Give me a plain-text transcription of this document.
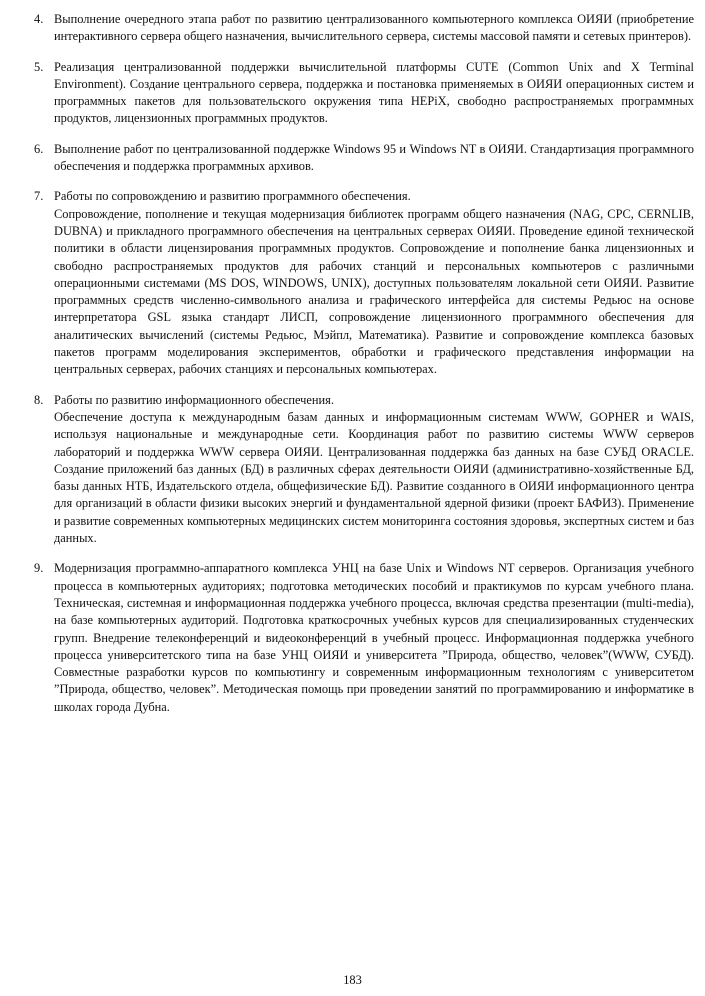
4. Выполнение очередного этапа работ по развитию централизованного компьютерного комплекса ОИЯИ (приобретение интерактивного сервера общего назначения, вычислительного сервера, системы массовой памяти и сетевых принтеров).
5. Реализация централизованной поддержки вычислительной платформы CUTE (Common Unix and X Terminal Environment). Создание центрального сервера, поддержка и постановка применяемых в ОИЯИ операционных систем и программных пакетов для пользовательского окружения типа HEPiX, свободно распространяемых программных продуктов, лицензионных программных продуктов.
6. Выполнение работ по централизованной поддержке Windows 95 и Windows NT в ОИЯИ. Стандартизация программного обеспечения и поддержка программных архивов.
7. Работы по сопровождению и развитию программного обеспечения.
Сопровождение, пополнение и текущая модернизация библиотек программ общего назначения (NAG, CPC, CERNLIB, DUBNA) и прикладного программного обеспечения на центральных серверах ОИЯИ. Проведение единой технической политики в области лицензирования программных продуктов. Сопровождение и пополнение банка лицензионных и свободно распространяемых продуктов для рабочих станций и персональных компьютеров с различными операционными системами (MS DOS, WINDOWS, UNIX), доступных пользователям локальной сети ОИЯИ. Развитие программных средств численно-символьного анализа и графического интерфейса для системы Редьюс на основе интерпретатора GSL языка стандарт ЛИСП, сопровождение лицензионного программного обеспечения для аналитических вычислений (системы Редьюс, Мэйпл, Математика). Развитие и сопровождение комплекса базовых пакетов программ моделирования экспериментов, обработки и графического представления информации на центральных серверах, рабочих станциях и персональных компьютерах.
8. Работы по развитию информационного обеспечения.
Обеспечение доступа к международным базам данных и информационным системам WWW, GOPHER и WAIS, используя национальные и международные сети. Координация работ по развитию системы WWW серверов лабораторий и поддержка WWW сервера ОИЯИ. Централизованная поддержка баз данных на базе СУБД ORACLE. Создание приложений баз данных (БД) в различных сферах деятельности ОИЯИ (административно-хозяйственные БД, базы данных НТБ, Издательского отдела, общефизические БД). Развитие созданного в ОИЯИ информационного центра для организаций в области физики высоких энергий и фундаментальной ядерной физики (проект БАФИЗ). Применение и развитие современных компьютерных медицинских систем мониторинга состояния здоровья, экспертных систем и баз данных.
9. Модернизация программно-аппаратного комплекса УНЦ на базе Unix и Windows NT серверов. Организация учебного процесса в компьютерных аудиториях; подготовка методических пособий и практикумов по курсам учебного плана. Техническая, системная и информационная поддержка учебного процесса, включая средства презентации (multi-media), на базе компьютерных аудиторий. Подготовка краткосрочных учебных курсов для специализированных студенческих групп. Внедрение телеконференций и видеоконференций в учебный процесс. Информационная поддержка учебного процесса университетского типа на базе УНЦ ОИЯИ и университета ”Природа, общество, человек”(WWW, СУБД). Совместные разработки курсов по компьютингу и современным информационным технологиям с университетом ”Природа, общество, человек”. Методическая помощь при проведении занятий по программированию и информатике в школах города Дубна.
183
